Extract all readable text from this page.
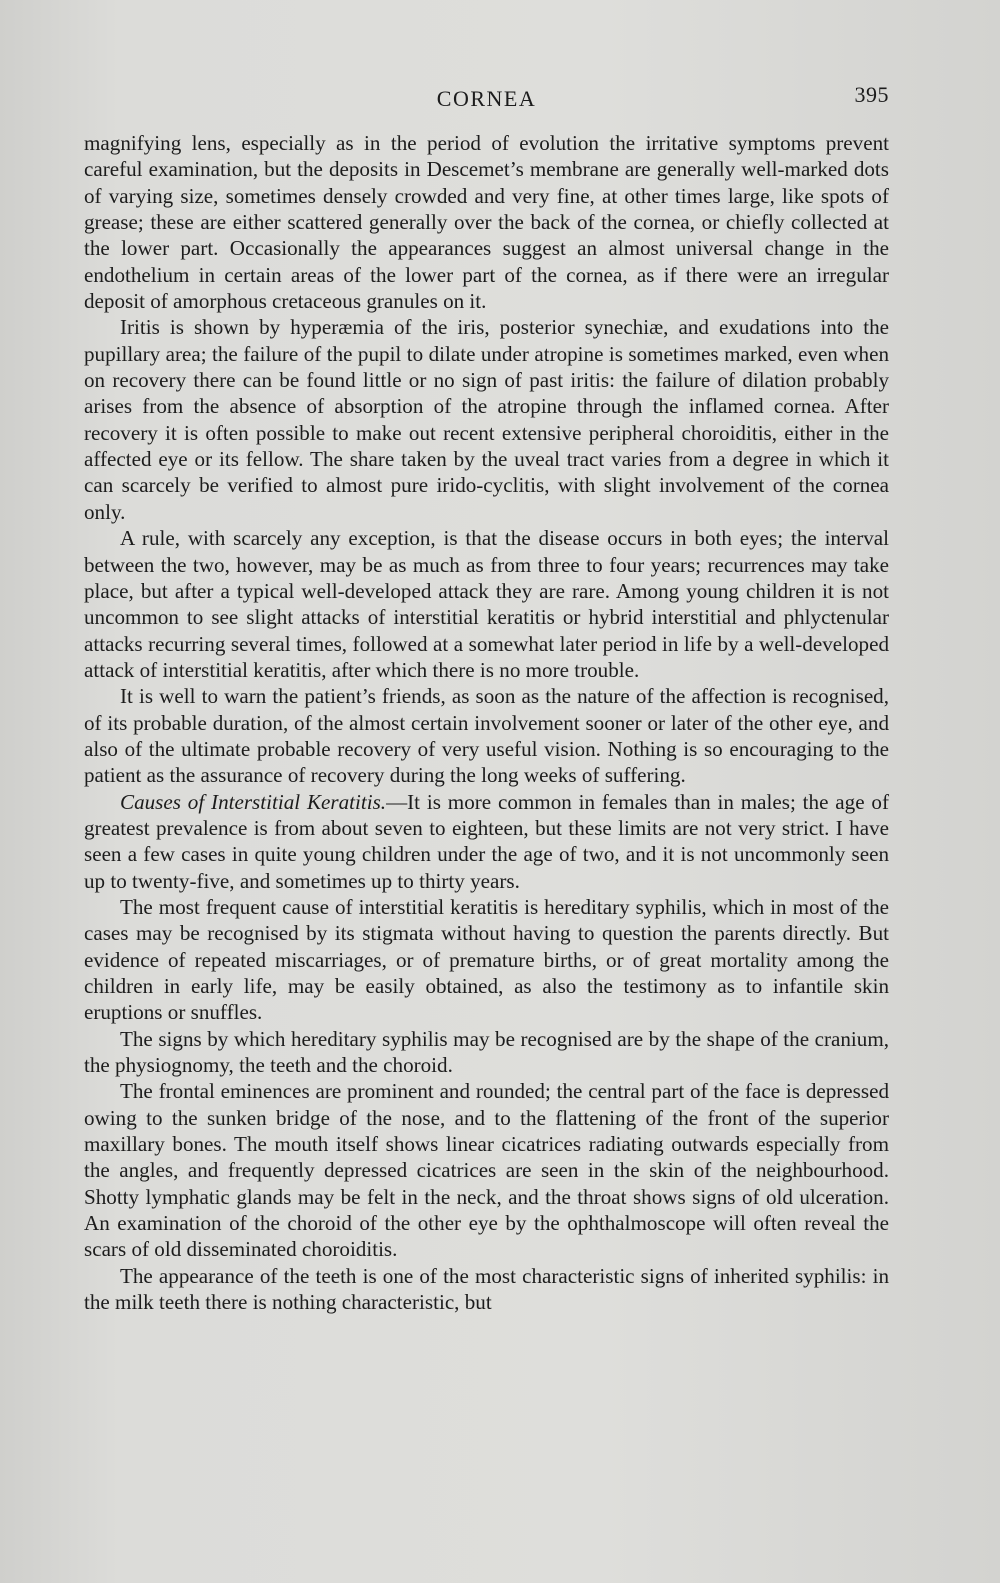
CORNEA	395

magnifying lens, especially as in the period of evolution the irritative symptoms prevent careful examination, but the deposits in Descemet’s membrane are generally well-marked dots of varying size, sometimes densely crowded and very fine, at other times large, like spots of grease; these are either scattered generally over the back of the cornea, or chiefly collected at the lower part. Occasionally the appearances suggest an almost universal change in the endothelium in certain areas of the lower part of the cornea, as if there were an irregular deposit of amorphous cretaceous granules on it.

Iritis is shown by hyperæmia of the iris, posterior synechiæ, and exudations into the pupillary area; the failure of the pupil to dilate under atropine is sometimes marked, even when on recovery there can be found little or no sign of past iritis: the failure of dilation probably arises from the absence of absorption of the atropine through the inflamed cornea. After recovery it is often possible to make out recent extensive peripheral choroiditis, either in the affected eye or its fellow. The share taken by the uveal tract varies from a degree in which it can scarcely be verified to almost pure irido-cyclitis, with slight involvement of the cornea only.

A rule, with scarcely any exception, is that the disease occurs in both eyes; the interval between the two, however, may be as much as from three to four years; recurrences may take place, but after a typical well-developed attack they are rare. Among young children it is not uncommon to see slight attacks of interstitial keratitis or hybrid interstitial and phlyctenular attacks recurring several times, followed at a somewhat later period in life by a well-developed attack of interstitial keratitis, after which there is no more trouble.

It is well to warn the patient’s friends, as soon as the nature of the affection is recognised, of its probable duration, of the almost certain involvement sooner or later of the other eye, and also of the ultimate probable recovery of very useful vision. Nothing is so encouraging to the patient as the assurance of recovery during the long weeks of suffering.

Causes of Interstitial Keratitis.—It is more common in females than in males; the age of greatest prevalence is from about seven to eighteen, but these limits are not very strict. I have seen a few cases in quite young children under the age of two, and it is not uncommonly seen up to twenty-five, and sometimes up to thirty years.

The most frequent cause of interstitial keratitis is hereditary syphilis, which in most of the cases may be recognised by its stigmata without having to question the parents directly. But evidence of repeated miscarriages, or of premature births, or of great mortality among the children in early life, may be easily obtained, as also the testimony as to infantile skin eruptions or snuffles.

The signs by which hereditary syphilis may be recognised are by the shape of the cranium, the physiognomy, the teeth and the choroid.

The frontal eminences are prominent and rounded; the central part of the face is depressed owing to the sunken bridge of the nose, and to the flattening of the front of the superior maxillary bones. The mouth itself shows linear cicatrices radiating outwards especially from the angles, and frequently depressed cicatrices are seen in the skin of the neighbourhood. Shotty lymphatic glands may be felt in the neck, and the throat shows signs of old ulceration. An examination of the choroid of the other eye by the ophthalmoscope will often reveal the scars of old disseminated choroiditis.

The appearance of the teeth is one of the most characteristic signs of inherited syphilis: in the milk teeth there is nothing characteristic, but
